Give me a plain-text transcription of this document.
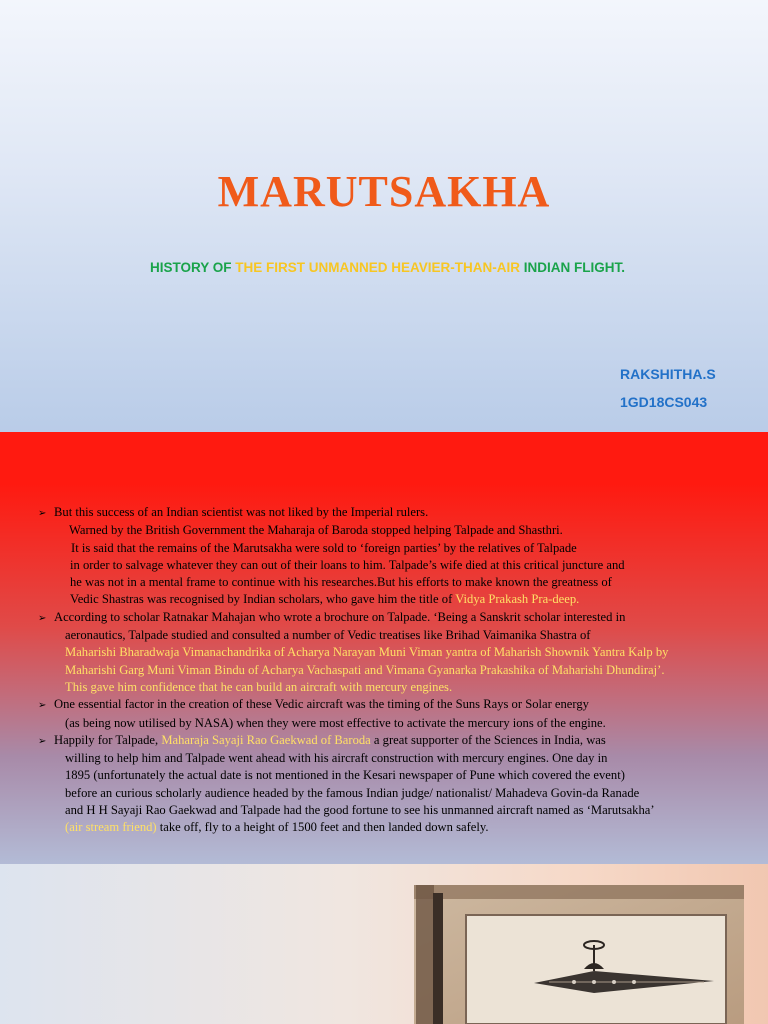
MARUTSAKHA
HISTORY OF THE FIRST UNMANNED HEAVIER-THAN-AIR INDIAN FLIGHT.
RAKSHITHA.S
1GD18CS043
➢ But this success of an Indian scientist was not liked by the Imperial rulers.
Warned by the British Government the Maharaja of Baroda stopped helping Talpade and Shasthri.
It is said that the remains of the Marutsakha were sold to ‘foreign parties’ by the relatives of Talpade
in order to salvage whatever they can out of their loans to him. Talpade’s wife died at this critical juncture and
he was not in a mental frame to continue with his researches.But his efforts to make known the greatness of
Vedic Shastras was recognised by Indian scholars, who gave him the title of Vidya Prakash Pra-deep.
➢ According to scholar Ratnakar Mahajan who wrote a brochure on Talpade. ‘Being a Sanskrit scholar interested in
aeronautics, Talpade studied and consulted a number of Vedic treatises like Brihad Vaimanika Shastra of
Maharishi Bharadwaja Vimanachandrika of Acharya Narayan Muni Viman yantra of Maharish Shownik Yantra Kalp by
Maharishi Garg Muni Viman Bindu of Acharya Vachaspati and Vimana Gyanarka Prakashika of Maharishi Dhundiraj’.
This gave him confidence that he can build an aircraft with mercury engines.
➢ One essential factor in the creation of these Vedic aircraft was the timing of the Suns Rays or Solar energy
(as being now utilised by NASA) when they were most effective to activate the mercury ions of the engine.
➢ Happily for Talpade, Maharaja Sayaji Rao Gaekwad of Baroda a great supporter of the Sciences in India, was
willing to help him and Talpade went ahead with his aircraft construction with mercury engines. One day in
1895 (unfortunately the actual date is not mentioned in the Kesari newspaper of Pune which covered the event)
before an curious scholarly audience headed by the famous Indian judge/ nationalist/ Mahadeva Govin-da Ranade
and H H Sayaji Rao Gaekwad and Talpade had the good fortune to see his unmanned aircraft named as ‘Marutsakha’
(air stream friend) take off, fly to a height of 1500 feet and then landed down safely.
